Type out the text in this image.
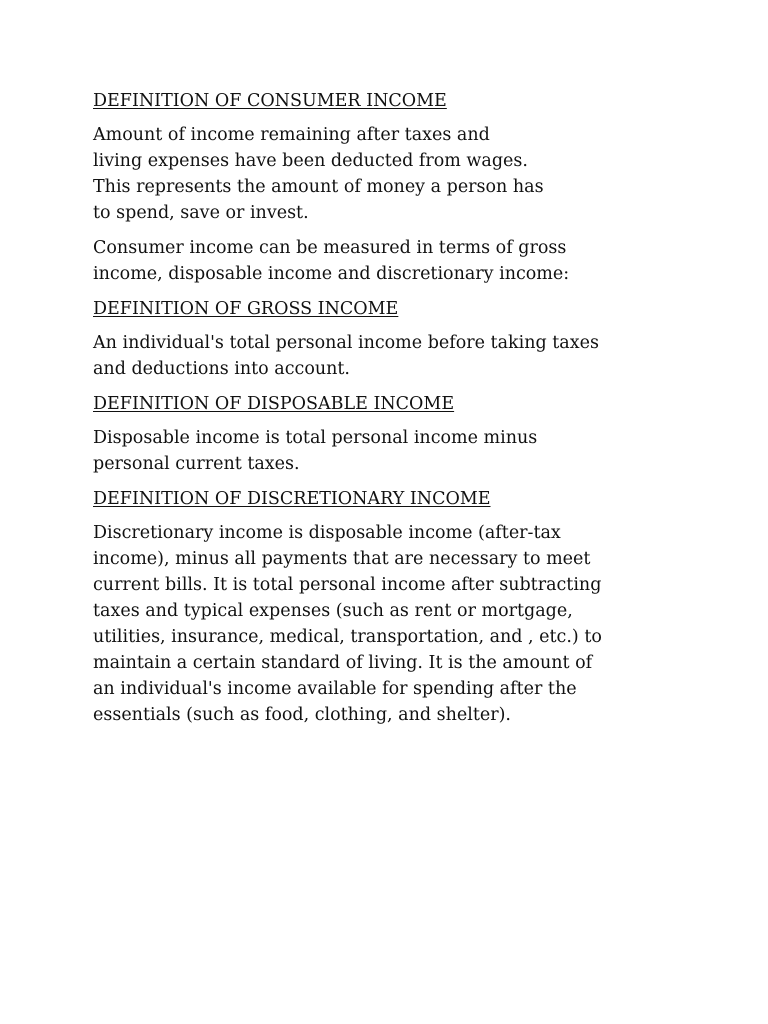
DEFINITION OF CONSUMER INCOME

Amount of income remaining after taxes and
living expenses have been deducted from wages.
This represents the amount of money a person has
to spend, save or invest.

Consumer income can be measured in terms of gross
income, disposable income and discretionary income:

DEFINITION OF GROSS INCOME

An individual's total personal income before taking taxes
and deductions into account.

DEFINITION OF DISPOSABLE INCOME

Disposable income is total personal income minus
personal current taxes.

DEFINITION OF DISCRETIONARY INCOME

Discretionary income is disposable income (after-tax
income), minus all payments that are necessary to meet
current bills. It is total personal income after subtracting
taxes and typical expenses (such as rent or mortgage,
utilities, insurance, medical, transportation, and , etc.) to
maintain a certain standard of living. It is the amount of
an individual's income available for spending after the
essentials (such as food, clothing, and shelter).
